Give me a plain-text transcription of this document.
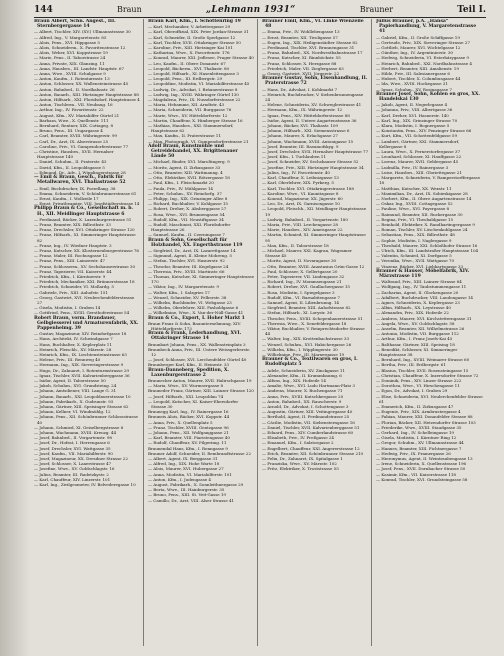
144	Braun	„Lehmann 1931“	Brauner	Teil I.

Braun Albert, Schn. Angest., III. Sternbergergasse 14

— Albert, Tischler, XIV. (XV.) Ullmannstrasse 30

— Alfred, Ing., V. Margaretenstr. 85

— Alois, Pens., XVI. Hippgasse 5

— Alois, Schneiderm., X. Favoritenstrasse 12

— Alois, Weber, XVI. Koppstrasse 19

— Marie, Pens., II. Taborstrasse 24

— Anna, Private, XIX. Glanzing. 11

— Anna, Hausbes., III. Landstr. Hauptstr. 67

— Anna, Wwe., XVIII. Schulgasse 9

— Anton, Kaufm., I. Rotenturmstr. 13

— Anton, Schlosser, XX. Wallensteinstrasse 45

— Anton, Bahnbed., II. Nordbahnstr. 26

— Anton, Bauarb., XIII. Hietzinger Hauptstrasse 88

— Anton, Hilfsarb., XXI. Floridsdorf, Hauptstrasse 4

— Anton, Tischlerm., VII. Neubaug. 16

— Arthur, Ing., IV. Favoritenstr. 22

— August, Kfm., XV. Mariahilfer Gürtel 21

— Barbara, Wwe., X. Quellenstr. 111

— Bernhard, Rentner, XIX. Cottageg. 8

— Bruno, Pens., III. Ungargasse 4

— Carl, Beamter, XVIII. Währingerstr. 99

— Carl, Dr., Arzt, IX. Alserstrasse 25

— Caroline, Priv., VI. Gumpendorferstrasse 77

— Christine, Hausbes., XVII. Hernalser Hauptstrasse 140

— Daniel, Schuhm., II. Praterstr. 43

— David, Kfm., II. Leopoldsgasse 5

— Edmund, Dr., Adv., I. Wipplingerstrasse 28

— Emil & Braun, Gesch., Fabrik für Metallwaren, XVI. Thaliastrasse 52

— Emil, Buchdrucker, IX. Porzellang. 38

— Emma, Schneiderin, V. Schönbrunnerstrasse 61

— Ernst, Kaufm., I. Wollzeile 17

— Ernst, Privatbeamter, VIII. Josefstädterstrasse 14

Philipp Braun & Co., Gesellschaft m. b. H., XII. Meidlinger Hauptstrasse 6

— Ferdinand, Bäcker, X. Laxenburgerstrasse 51

— Franz, Beamter, XIX. Billrothstr. 33

— Franz, Drechsler, XVI. Ottakringer Strasse 120

— Franz, Hilfsarb., XI. Simmeringer Hauptstrasse 82

— Franz, Ing., IV. Wiedner Hauptstr. 3

— Franz, Kutscher, XX. Klosterneuburgerstrasse 76

— Franz, Maler, III. Rochusgasse 12

— Franz, Pens., XIII. Lainzerstr. 47

— Franz, Schlosserm., XV. Sechshauserstrasse 30

— Franz, Tapezierer, VII. Kaiserstr. 44

— Friedrich, Kfm., I. Kärntnerstr. 9

— Friedrich, Mechaniker, XXI. Brünnerstrasse 18

— Friedrich, Schneider, VI. Mollardg. 5

— Gabriele, Priv., XIII. Auhofstr. 151

— Georg, Gastwirt, XVI. Neulerchenfelderstrasse 27

— Gisela, Modistin, I. Graben 14

— Gottfried, Pens., XVIII. Gersthoferstrasse 54

Robert Braun, vorm. Brandauer, Gelbgiesserei und Armaturenfabrik, XX. Pappenheimg. 39

— Gustav, Magazineur, XIV. Reindorfgasse 18

— Hans, Architekt, IV. Schwindgasse 7

— Hans, Buchhalter, X. Keplerplatz 11

— Heinrich, Fleischh., XV. Märzstr. 28

— Heinrich, Kfm., IX. Liechtensteinstrasse 63

— Helene, Priv., III. Rennweg 40

— Hermann, Ing., XIX. Sieveringerstrasse 9

— Hugo, Dr., Zahnarzt, I. Rotenturmstrasse 29

— Ignaz, Tischler, XVII. Kalvarienberggasse 36

— Isidor, Agent, II. Taborstrasse 50

— Jakob, Schuhm., XVI. Grundsteing. 24

— Johann, Amtsdiener, VIII. Lange G. 31

— Johann, Bauarb., XXI. Leopoldauerstrasse 10

— Johann, Fabrikarb., X. Gudrunstr. 93

— Johann, Gärtner, XIII. Speisinger Strasse 62

— Johann, Kellner, VI. Windmühlg. 12

— Johann, Pens., XII. Schönbrunner Schlossstrasse 40

— Johann, Schmied, XI. Geiselbergstrasse 8

— Johann, Wachmann, XVIII. Kreuzg. 44

— Josef, Bahnbed., II. Vorgartenstr. 98

— Josef, Dr., Hofrat, I. Herrengasse 6

— Josef, Drechsler, XVI. Wattgasse 35

— Josef, Kaufm., VII. Mariahilferstr. 90

— Josef, Magazineur, XX. Dresdner Strasse 22

— Josef, Schlosser, X. Laaerstrasse 47

— Josefine, Wwe., XV. Goldschlagstr. 16

— Julius, Beamter, III. Radetzkystr. 2

— Karl, Chauffeur, XIV. Linzerstr. 101

— Karl, Ing., Zivilgeometer, IV. Belvederegasse 10

Braun Karl, Kfm., I. Schottenring 19

— Karl, Mechaniker, V. Arbeitergasse 29

— Karl, Oberoffizial, XIX. Peter Jordan-Strasse 31

— Karl, Schneider, II. Große Sperlgasse 12

— Karl, Tischler, XVII. Ottakringer Strasse 50

— Karoline, Priv., XIII. Hietzinger Kai 101

— Katharina, Wwe., X. Favoritenstr. 176

— Konrad, Maurer, XXI. Jedlesee, Prager Strasse 40

— Leo, Kaufm., II. Obere Donaustr. 67

— Leopold, Bäckerm., XVI. Thaliastr. 80

— Leopold, Hilfsarb., XI. Hasenleitengasse 3

— Leopold, Pens., III. Erdbergstr. 29

— Leopoldine, Modistin, VI. Mariahilferstrasse 45

— Ludwig, Dr., Advokat, I. Bräunerstrasse 8

— Ludwig, Ing., XVIII. Währinger Gürtel 130

— Magdalena, Priv., IX. Nussdorferstrasse 22

— Maria, Hebamme, XII. Arndtstr. 43

— Maria, Schneiderin, VII. Burggasse 76

— Marie, Wwe., XV. Hütteldorferstr. 12

— Martin, Chauffeur, X. Himberger Strasse 16

— Mathias, Hausbes., XXI. Stammersdorf, Hauptstrasse 62

— Max, Kaufm., II. Praterstrasse 11

— Max, Photograph, VI. Gumpendorferstrasse 21

Adolf Braun, Kunstmühle und Getreidehandel, XX. Brigittenauer Lände 50

— Michael, Binder, XVI. Maroltingerg. 9

— Moritz, Agent, II. Zirkusgasse 33

— Otto, Beamter, XIII. Wattmanng. 4

— Otto, Elektriker, XVII. Rötzergasse 18

— Paul, Kfm., I. Fleischmarkt 20

— Paula, Priv., IV. Mühlgasse 14

— Peter, Schuhm., XV. Reindorfg. 37

— Philipp, Ing., XIX. Grinzinger Allee 8

— Richard, Buchhalter, V. Kohlgasse 15

— Robert, Dreher, X. Absberggasse 27

— Rosa, Wwe., XVI. Brunnengasse 54

— Rudolf, Kfm., VII. Neustiftgasse 34

— Rudolf, Maschinist, XXI. Floridsdorfer Hauptstrasse 26

— Samuel, Kaufm., II. Czerningasse 7

Braun & Sohn, Gesellschaft für Holzhandel, XX. Engerthstrasse 119

— Siegfried, Dr., Arzt, IX. Lazarettgasse 14

— Sigmund, Agent, II. Kleine Mohreng. 5

— Stefan, Tischler, XVI. Hasnerstr. 92

— Theodor, Beamter, III. Kegelgasse 24

— Theresia, Priv., XVIII. Martinstr. 66

— Thomas, Kutscher, XI. Simmeringer Hauptstrasse 170

— Viktor, Ing., IV. Margaretenstr. 9

— Walter, Kfm., I. Salzgries 17

— Wenzel, Schneider, XV. Felberstr. 38

— Wilhelm, Buchbinder, VI. Webgasse 23

— Wilhelm, Oberlehrer, XIII. Fasholdgasse 6

— Wilhelmine, Wwe., X. Van-der-Nüll-Gasse 41

Braun & Co., Export, I. Hoher Markt 1

Braun Franz & Sohn, Bauunternehmung, XIV. Hütteldorferstr. 173

Braun & Frank, Lederhandlung, XVI. Ottakringer Strasse 14

Braunbart Johann, Pens., XX. Wallensteinplatz 3

Braunbeck Anna, Priv., III. Untere Weissgerberstr. 12

— Josef, Schlosser, XVI. Lerchenfelder Gürtel 40

Braunberger Karl, Kfm., II. Heinestr. 33

Braun-Danneberg, Spedition, X. Laxenburgerstrasse 2

Braunecker Anton, Maurer, XVII. Halirschgasse 19

— Maria, Wwe., XV. Wurmsergasse 8

Brauneder Franz, Gärtner, XIII. Lainzer Strasse 120

— Josef, Hilfsarb., XXI. Leopoldau 74

— Leopold, Kutscher, XI. Kaiser-Ebersdorfer Strasse 30

Braunegg Karl, Ing., IV. Rainergasse 16

Brauneis Alois, Bäcker, XVI. Koppstr. 44

— Anna, Priv., X. Quellenplatz 5

— Franz, Tischler, XVIII. Gentzgasse 96

— Johann, Pens., XII. Wolfganggasse 21

— Karl, Beamter, VIII. Piaristengasse 40

— Rudolf, Chauffeur, XV. Pilgerimg. 11

Braunendal Hans, Kfm., I. Renngasse 9

Brauner Adolf, Schneider, II. Rembrandtstrasse 22

— Albert, Agent, IX. Berggasse 31

— Alfred, Ing., XIX. Hohe Warte 18

— Alois, Maurer, XVI. Hubergasse 27

— Anna, Modistin, VI. Mariahilferstr. 101

— Anton, Kfm., I. Judengasse 4

— August, Fabrikarb., X. Sonnleithnergasse 29

— Berta, Wwe., III. Hainburgerstr. 35

— Bruno, Pens., XIII. St. Veit-Gasse 19

— Camillo, Dr., Arzt, VIII. Alser Strasse 41

Brauner Emil, Kfm., VI. Linke Wienzeile 48

— Emma, Priv., IV. Wohllebengasse 13

— Ernst, Beamter, XII. Tivoligasse 57

— Eugen, Ing., XIX. Heiligenstädter Strasse 82

— Ferdinand, Tischler, XVI. Brunnengasse 31

— Franz, Bahnbed., XX. Nordwestbahnstrasse 17

— Franz, Kutscher, XI. Rinnböckstr. 55

— Franz, Schlosser, X. Herzgasse 88

— Friedrich, Maler, VII. Zieglergasse 63

— Georg, Gastwirt, XVII. Jörgerstr. 22

Brauner Gustav, Sohn, Eisenhandlung, II. Praterstrasse 72

— Hans, Dr., Advokat, I. Kohlmarkt 7

— Heinrich, Buchdrucker, V. Siebenbrunnengasse 24

— Helene, Schneiderin, XV. Schweglerstrasse 41

— Hermann, Kfm., IX. Währingerstr. 12

— Ignaz, Pens., XIV. Hütteldorferstrasse 88

— Isidor, Agent, II. Untere Augartenstrasse 36

— Johann, Bäcker, XVI. Thaliastr. 109

— Johann, Hilfsarb., XXI. Siemensstrasse 6

— Johann, Maurer, X. Erlachgasse 27

— Johann, Wachmann, XVIII. Antonigasse 15

— Josef, Beamter, III. Rasumofskyg. 9

— Josef, Drechsler, XVII. Hernalser Hauptstrasse 77

— Josef, Kfm., I. Tuchlauben 11

— Josef, Schneider, XV. Sechshauser Strasse 52

— Josefine, Priv., XIII. Hietzinger Hauptstrasse 34

— Julius, Ing., IV. Favoritenstr. 40

— Karl, Chauffeur, X. Leibnizgasse 13

— Karl, Oberlehrer, XIX. Pyrkerg. 5

— Karl, Tischler, XVI. Ottakringerstrasse 188

— Karoline, Wwe., VI. Kaunitzgasse 8

— Konrad, Magazineur, XX. Jägerstr. 60

— Leo, Dr., Arzt, IX. Garnisongasse 10

— Leopold, Fleischh., XII. Meidlinger Hauptstrasse 19

— Ludwig, Bahnbed., II. Vorgartenstr. 180

— Maria, Priv., VIII. Lerchengasse 28

— Marie, Hausbes., XIV. Ameisgasse 22

— Martin, Schmied, XI. Simmeringer Hauptstrasse 95

— Max, Kfm., II. Taborstrasse 18

— Michael, Maurer, XXI. Kagran, Wagramer Strasse 45

— Moritz, Agent, II. Novaragasse 30

— Otto, Beamter, XVIII. Anastasius Grün-Gasse 12

— Paul, Schlosser, X. Gellertgasse 20

— Peter, Tapezierer, VII. Lindengasse 32

— Richard, Ing., IV. Mommsengasse 21

— Robert, Dreher, XVI. Gaullachergasse 15

— Rosa, Modistin, I. Spiegelgasse 3

— Rudolf, Kfm., VI. Barnabitengasse 7

— Samuel, Agent, II. Lilienbrunng. 14

— Siegfried, Beamter, XIII. Auhofstrasse 82

— Stefan, Hilfsarb., XI. Lorystr. 36

— Theodor, Pens., XVIII. Schopenhauerstrasse 51

— Theresia, Wwe., X. Senefeldergasse 18

— Viktor, Buchhalter, V. Reinprechtsdorfer Strasse 44

— Walter, Ing., XIX. Krottenbachstrasse 33

— Wenzel, Schuhm., XVI. Habichergasse 26

— Wilhelm, Kfm., I. Wipplingerstr. 30

— Wilhelmine, Priv., III. Marxergasse 19

Brauner & Co., Textilwaren en gros, I. Rudolfsplatz 5

— Adele, Schneiderin, XV. Zinckgasse 11

— Alexander, Kfm., II. Krummbaumg. 6

— Alfons, Ing., XIX. Hofzeile 14

— Amalie, Wwe., XVI. Ludo Hartmann-Platz 3

— Andreas, Maurer, X. Buchengasse 71

— Anna, Priv., XVIII. Kutschkergasse 20

— Anton, Bahnbed., XX. Rauscherstr. 9

— Arnold, Dr., Advokat, I. Schottengasse 3

— Augustin, Gärtner, XIII. Veitingergasse 40

— Berthold, Agent, II. Ferdinandstrasse 25

— Cäcilie, Modistin, VII. Siebensterngasse 16

— Daniel, Tischler, XVII. Kalvarienberggasse 51

— Eduard, Pens., XIV. Cumberlandstrasse 60

— Elisabeth, Priv., IV. Preßgasse 24

— Emanuel, Kfm., I. Salztorgasse 2

— Engelbert, Chauffeur, XXI. Angererstrasse 12

— Erich, Beamter, XII. Schönbrunner Strasse 210

— Felix, Dr., Zahnarzt, IX. Spitalgasse 1

— Franziska, Wwe., XV. Märzstr. 102

— Fritz, Elektriker, X. Troststrasse 55

Julius Brauner, p.A. „Hansa“ Papierhandlung, V. Margaretenstrasse 41

— Gabriel, Kfm., II. Große Schiffgasse 19

— Gertrude, Priv., XIX. Sieveringer Strasse 27

— Gottlieb, Maurer, XVI. Wichtelgasse 12

— Günther, Ing., IV. Argentinierstr. 30

— Hedwig, Schneiderin, VI. Esterházygasse 9

— Heinrich, Bahnbed., XXI. Nordbahnstrasse 4

— Herbert, Beamter, XIII. Amalienstr. 19

— Hilde, Priv., III. Salesianergasse 6

— Hubert, Tischler, X. Columbusgasse 44

— Ida, Wwe., XVIII. Hockegasse 31

— Ignaz, Schuhm., XV. Rosinagasse 7

Brauner Josef, Sohn, Kohlen en gros, XX. Handelskai 130

— Jakob, Agent, II. Negerlegasse 4

— Johanna, Priv., VIII. Albertgasse 36

— Karl, Dreher, XVI. Hasnerstr. 140

— Karl, Ing., XIX. Grinzinger Strasse 70

— Klara, Modistin, I. Bognergasse 5

— Konstantin, Pens., XIV. Penzinger Strasse 66

— Kurt, Kfm., VII. Schottenfeldgasse 59

— Lambert, Gärtner, XXI. Stammersdorf, Kellergasse 8

— Laura, Wwe., X. Pernerstorfergasse 37

— Leonhard, Schlosser, XI. Hauffgasse 22

— Lorenz, Maurer, XVII. Geblergasse 45

— Ludmilla, Priv., IV. Rainergasse 3

— Luise, Hausbes., XIII. Gloriettegasse 21

— Margarete, Schneiderin, V. Ramperstorffergasse 18

— Matthias, Kutscher, XX. Wexstr. 11

— Maximilian, Dr., Arzt, IX. Sobieskigasse 28

— Norbert, Kfm., II. Obere Augartenstrasse 14

— Oskar, Ing., XVIII. Cottagegasse 52

— Pauline, Wwe., XVI. Payergasse 8

— Raimund, Beamter, XII. Ruckergasse 30

— Regina, Priv., VI. Theobaldgasse 15

— Reinhold, Elektriker, X. Randhartingergasse 9

— Roman, Tischler, XV. Löschenkohlgasse 24

— Sebastian, Pens., XIX. Billrothstr. 48

— Sophie, Modistin, I. Naglergasse 9

— Theobald, Maurer, XXI. Schloßhofer Strasse 16

— Ulrich, Kfm., III. Landstraßer Hauptstrasse 104

— Valentin, Schmied, XI. Dorfgasse 5

— Veronika, Wwe., XVII. Wattgasse 70

— Vinzenz, Bäcker, XVI. Liebhartsgasse 33

Brauner & Hauser, Möbelfabrik, XIV. Märzstrasse 119

— Waltraud, Priv., XIII. Lainzer Strasse 84

— Wolfgang, Ing., IV. Taubstummengasse 11

— Zacharias, Agent, II. Glockengasse 20

— Adalbert, Buchdrucker, VIII. Laudongasse 14

— Agnes, Schneiderin, X. Keplergasse 23

— Albin, Hilfsarb., XX. Leystrasse 40

— Alexandra, Priv., XIX. Hofzeile 22

— Ambros, Maurer, XVI. Kirchstetterngasse 31

— Angela, Wwe., XV. Goldschlagstr. 58

— Anselm, Beamter, XII. Wilhelmstrasse 26

— Antonia, Modistin, VII. Burggasse 112

— Arthur, Kfm., I. Franz Josefs-Kai 45

— Balthasar, Gärtner, XIII. Speising 18

— Benedikt, Schlosser, XI. Simmeringer Hauptstrasse 38

— Bernhard, Ing., XVIII. Weimarer Strasse 60

— Bertha, Priv., III. Erdbergstr. 61

— Blasius, Tischler, XVII. Rosensteingasse 15

— Christian, Chauffeur, X. Inzersdorfer Strasse 72

— Dominik, Pens., XIV. Linzer Strasse 222

— Dorothea, Wwe., VI. Hirschengasse 11

— Egon, Dr., Advokat, I. Graben 29

— Elise, Schneiderin, XVI. Neulerchenfelder Strasse 61

— Emmerich, Kfm., II. Zirkusgasse 47

— Eugenie, Priv., XIX. Armbrustergasse 4

— Fabian, Maurer, XXI. Donaufelder Strasse 88

— Florian, Bäcker, XII. Hetzendorfer Strasse 103

— Friederike, Wwe., XVIII. Staudgasse 35

— Gerhard, Ing., IV. Schelleingasse 19

— Gisela, Modistin, I. Kärntner Ring 12

— Gregor, Schuhm., XV. Ullmannstrasse 44

— Hannes, Beamter, XIII. Fichtnergasse 7

— Hedwig, Priv., IX. Pramergasse 26

— Hieronymus, Agent, II. Weintraubengasse 13

— Irene, Schneiderin, X. Quellenstrasse 196

— Josef, Pens., XVII. Dornbacher Strasse 50

— Kasimir, Kfm., VII. Kaiserstrasse 118

— Konrad, Tischler, XVI. Grundsteingasse 58
